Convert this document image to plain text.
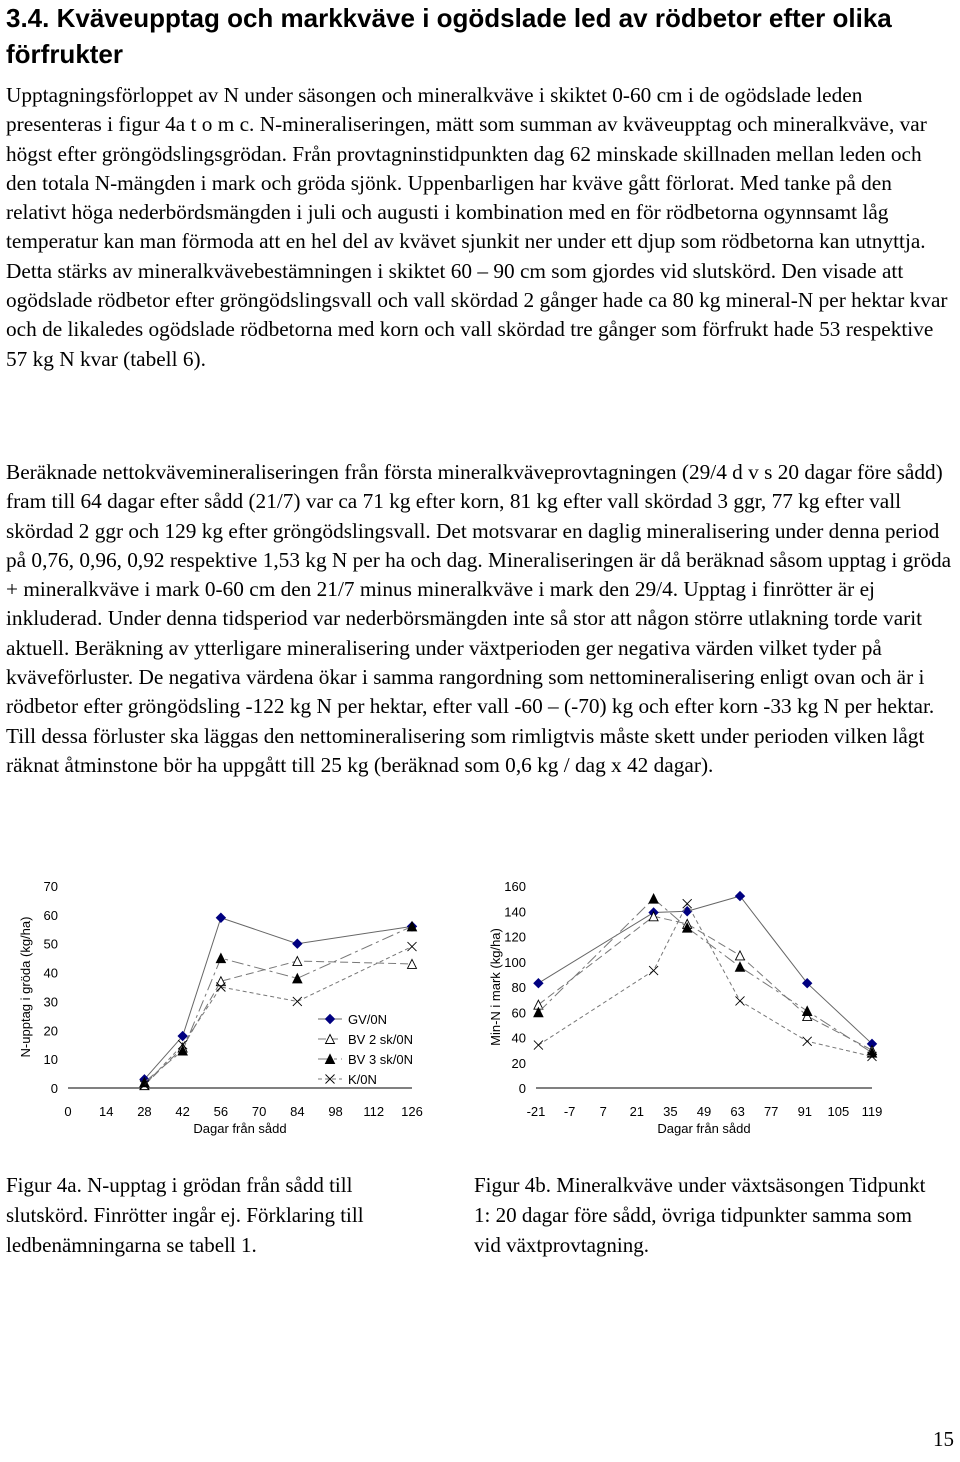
3.4. Kväveupptag och markkväve i ogödslade led av rödbetor efter olika förfrukter

Upptagningsförloppet av N under säsongen och mineralkväve i skiktet 0-60 cm i de ogödslade leden presenteras i figur 4a t o m c. N-mineraliseringen, mätt som summan av kväveupptag och mineralkväve, var högst efter gröngödslingsgrödan. Från provtagninstidpunkten dag 62 minskade skillnaden mellan leden och den totala N-mängden i mark och gröda sjönk. Uppenbarligen har kväve gått förlorat. Med tanke på den relativt höga nederbördsmängden i juli och augusti i kombination med en för rödbetorna ogynnsamt låg temperatur kan man förmoda att en hel del av kvävet sjunkit ner under ett djup som rödbetorna kan utnyttja. Detta stärks av mineralkvävebestämningen i skiktet 60 – 90 cm som gjordes vid slutskörd. Den visade att ogödslade rödbetor efter gröngödslingsvall och vall skördad 2 gånger hade ca 80 kg mineral-N per hektar kvar och de likaledes ogödslade rödbetorna med korn och vall skördad tre gånger som förfrukt hade 53 respektive 57 kg N kvar (tabell 6).

Beräknade nettokvävemineraliseringen från första mineralkväveprovtagningen (29/4 d v s 20 dagar före sådd) fram till 64 dagar efter sådd (21/7) var ca 71 kg efter korn, 81 kg efter vall skördad 3 ggr, 77 kg efter vall skördad 2 ggr och 129 kg efter gröngödslingsvall. Det motsvarar en daglig mineralisering under denna period på 0,76, 0,96, 0,92 respektive 1,53 kg N per ha och dag. Mineraliseringen är då beräknad såsom upptag i gröda + mineralkväve i mark 0-60 cm den 21/7 minus mineralkväve i mark den 29/4. Upptag i finrötter är ej inkluderad. Under denna tidsperiod var nederbörsmängden inte så stor att någon större utlakning torde varit aktuell. Beräkning av ytterligare mineralisering under växtperioden ger negativa värden vilket tyder på kväveförluster. De negativa värdena ökar i samma rangordning som nettomineralisering enligt ovan och är i rödbetor efter gröngödsling -122 kg N per hektar, efter vall -60 – (-70) kg och efter korn -33 kg N per hektar. Till dessa förluster ska läggas den nettomineralisering som rimligtvis måste skett under perioden vilken lågt räknat åtminstone bör ha uppgått till 25 kg (beräknad som 0,6 kg / dag x 42 dagar).

0
10
20
30
40
50
60
70
0 14 28 42 56 70 84 98 112 126
Dagar från sådd
N-upptag i gröda (kg/ha)	GV/0N
BV 2 sk/0N
BV 3 sk/0N
K/0N
0
20
40
60
80
100
120
140
160
-21 -7 7 21 35 49 63 77 91 105 119
Dagar från sådd
Min-N i mark (kg/ha)

Figur 4a. N-upptag i grödan från sådd till slutskörd. Finrötter ingår ej. Förklaring till ledbenämningarna se tabell 1.

Figur 4b. Mineralkväve under växtsäsongen Tidpunkt 1: 20 dagar före sådd, övriga tidpunkter samma som vid växtprovtagning.

15
